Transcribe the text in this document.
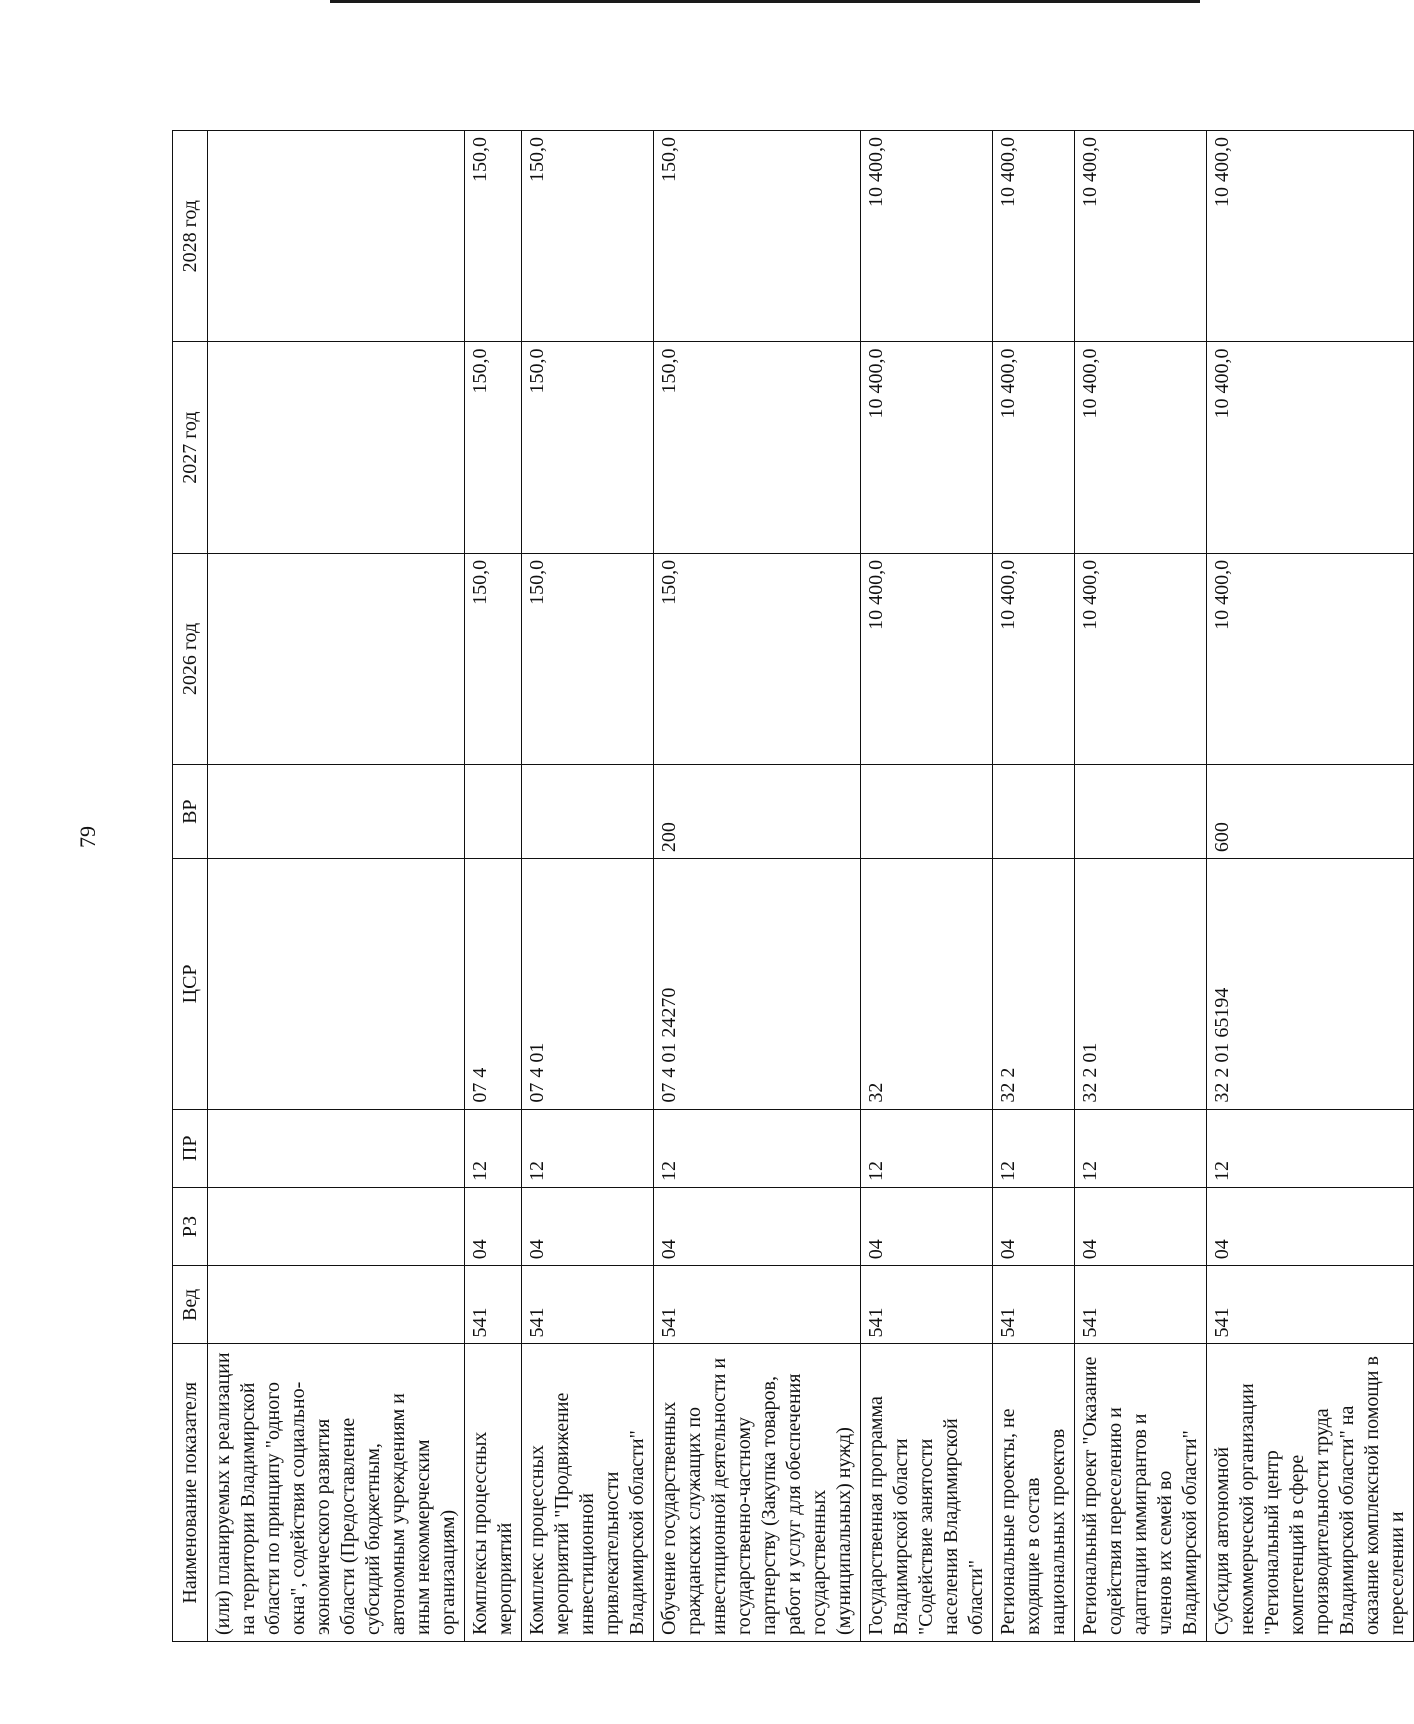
79
Наименование показателя	Вед	РЗ	ПР	ЦСР	ВР	2026 год	2027 год	2028 год
(или) планируемых к реализации на территории Владимирской области по принципу "одного окна", содействия социально-экономического развития области (Предоставление субсидий бюджетным, автономным учреждениям и иным некоммерческим организациям)								
Комплексы процессных мероприятий	541	04	12	07 4		150,0	150,0	150,0
Комплекс процессных мероприятий "Продвижение инвестиционной привлекательности Владимирской области"	541	04	12	07 4 01		150,0	150,0	150,0
Обучение государственных гражданских служащих по инвестиционной деятельности и государственно-частному партнерству (Закупка товаров, работ и услуг для обеспечения государственных (муниципальных) нужд)	541	04	12	07 4 01 24270	200	150,0	150,0	150,0
Государственная программа Владимирской области "Содействие занятости населения Владимирской области"	541	04	12	32		10 400,0	10 400,0	10 400,0
Региональные проекты, не входящие в состав национальных проектов	541	04	12	32 2		10 400,0	10 400,0	10 400,0
Региональный проект "Оказание содействия переселению и адаптации иммигрантов и членов их семей во Владимирской области"	541	04	12	32 2 01		10 400,0	10 400,0	10 400,0
Субсидия автономной некоммерческой организации "Региональный центр компетенций в сфере производительности труда Владимирской области" на оказание комплексной помощи в переселении и	541	04	12	32 2 01 65194	600	10 400,0	10 400,0	10 400,0
